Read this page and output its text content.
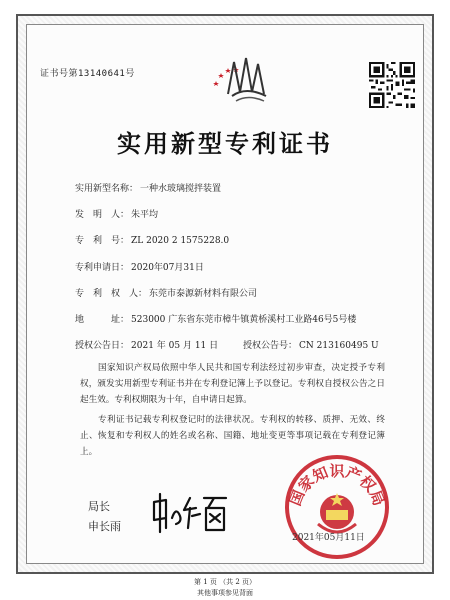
证书号第13140641号
实用新型专利证书
实用新型名称： 一种水玻璃搅拌装置
发　明　人： 朱平均
专　利　号： ZL 2020 2 1575228.0
专利申请日： 2020年07月31日
专　利　权　人： 东莞市泰源新材料有限公司
地　　　址： 523000 广东省东莞市樟牛镇黄桥溪村工业路46号5号楼
授权公告日： 2021 年 05 月 11 日	授权公告号： CN 213160495 U
国家知识产权局依照中华人民共和国专利法经过初步审查，决定授予专利权，颁发实用新型专利证书并在专利登记簿上予以登记。专利权自授权公告之日起生效。专利权期限为十年，自申请日起算。
专利证书记载专利权登记时的法律状况。专利权的转移、质押、无效、终止、恢复和专利权人的姓名或名称、国籍、地址变更等事项记载在专利登记簿上。
局长
申长雨
国家知识产权局
2021年05月11日
第 1 页 （共 2 页）
其他事项参见背面
